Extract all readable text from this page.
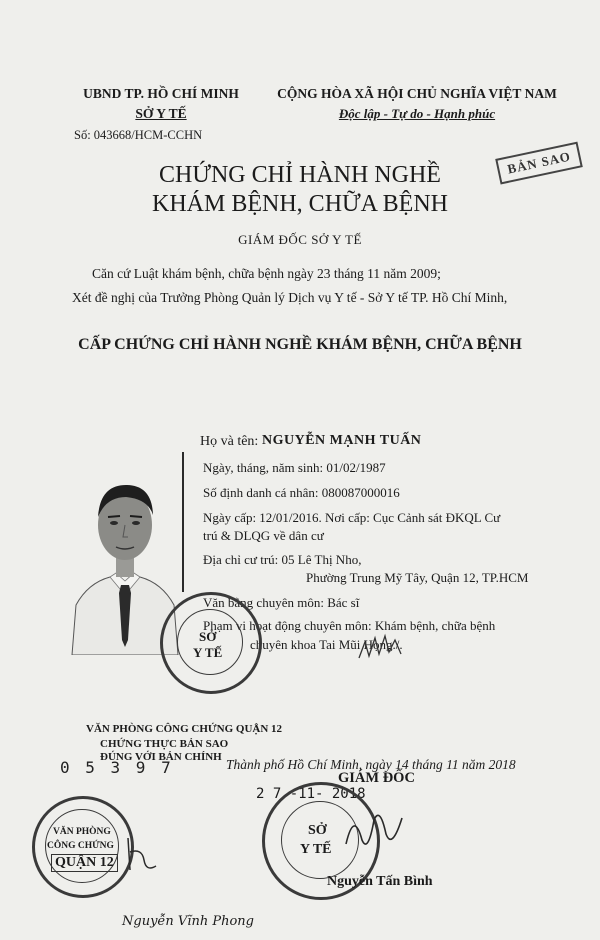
UBND TP. HỒ CHÍ MINH
SỞ Y TẾ
Số: 043668/HCM-CCHN
CỘNG HÒA XÃ HỘI CHỦ NGHĨA VIỆT NAM
Độc lập - Tự do - Hạnh phúc
BẢN SAO
CHỨNG CHỈ HÀNH NGHỀ
KHÁM BỆNH, CHỮA BỆNH
GIÁM ĐỐC SỞ Y TẾ
Căn cứ Luật khám bệnh, chữa bệnh ngày 23 tháng 11 năm 2009;
Xét đề nghị của Trưởng Phòng Quản lý Dịch vụ Y tế - Sở Y tế TP. Hồ Chí Minh,
CẤP CHỨNG CHỈ HÀNH NGHỀ KHÁM BỆNH, CHỮA BỆNH
Họ và tên: NGUYỄN MẠNH TUẤN
Ngày, tháng, năm sinh: 01/02/1987
Số định danh cá nhân: 080087000016
Ngày cấp: 12/01/2016. Nơi cấp: Cục Cảnh sát ĐKQL Cư
trú & DLQG về dân cư
Địa chỉ cư trú: 05 Lê Thị Nho,
Phường Trung Mỹ Tây, Quận 12, TP.HCM
Văn bằng chuyên môn: Bác sĩ
Phạm vi hoạt động chuyên môn: Khám bệnh, chữa bệnh
chuyên khoa Tai Mũi Họng./.
SỞ
Y TẾ
VĂN PHÒNG CÔNG CHỨNG QUẬN 12
CHỨNG THỰC BẢN SAO
ĐÚNG VỚI BẢN CHÍNH
0 5 3 9 7
2 7 -11- 2018
Thành phố Hồ Chí Minh, ngày 14 tháng 11 năm 2018
GIÁM ĐỐC
SỞ
Y TẾ
Nguyễn Tấn Bình
VĂN PHÒNG
CÔNG CHỨNG
QUẬN 12
Nguyễn Vĩnh Phong
